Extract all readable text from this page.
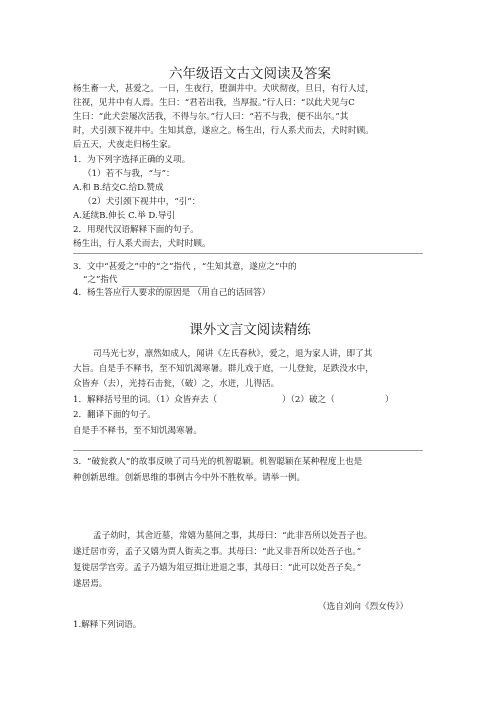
六年级语文古文阅读及答案
杨生畜一犬，甚爱之。一日，生夜行，堕涸井中。犬吠彻夜，旦日，有行人过，
往视，见井中有人焉。生曰：“君若出我，当厚报。”行人曰：“以此犬见与C
生曰：“此犬尝屡次活我，不得与尔。”行人曰：“若不与我，便不出尔。”其
时，犬引颈下视井中。生知其意，遂应之。杨生出，行人系犬而去，犬时时顾。
后五天，犬夜走归杨生家。
1．为下列字选择正确的义项。
（1）若不与我，“与”：
A.和 B.结交C.给D.赞成
（2）犬引颈下视井中，“引”：
A.延续B.伸长 C.举 D.导引
2．用现代汉语解释下面的句子。
杨生出，行人系犬而去，犬时时顾。
3．文中“甚爱之”中的“之”指代 ，“生知其意，遂应之”中的
“之”指代
4．杨生答应行人要求的原因是 （用自己的话回答）
课外文言文阅读精练
司马光七岁，凛然如成人，闻讲《左氏春秋》，爱之，退为家人讲，即了其
大旨。自是手不释书，至不知饥渴寒暑。群儿戏于庭，一儿登瓮，足跌没水中，
众皆弃（去），光持石击瓮，（破）之，水迸，儿得活。
1．解释括号里的词。（1）众皆弃去（	）（2）破之（	）
2．翻译下面的句子。
自是手不释书，至不知饥渴寒暑。
3．“破瓮救人”的故事反映了司马光的机智聪颖。机智聪颖在某种程度上也是
种创新思维。创新思维的事例古今中外不胜枚举。请举一例。
孟子幼时，其舍近墓，常嬉为墓间之事，其母曰：“此非吾所以处吾子也。
遂迁居市旁，孟子又嬉为贾人街卖之事。其母曰：“此又非吾所以处吾子也。”
复徙居学宫旁。孟子乃嬉为俎豆揖让进退之事，其母曰：“此可以处吾子矣。”
遂居焉。
（选自刘向《烈女传》）
1.解释下列词语。
